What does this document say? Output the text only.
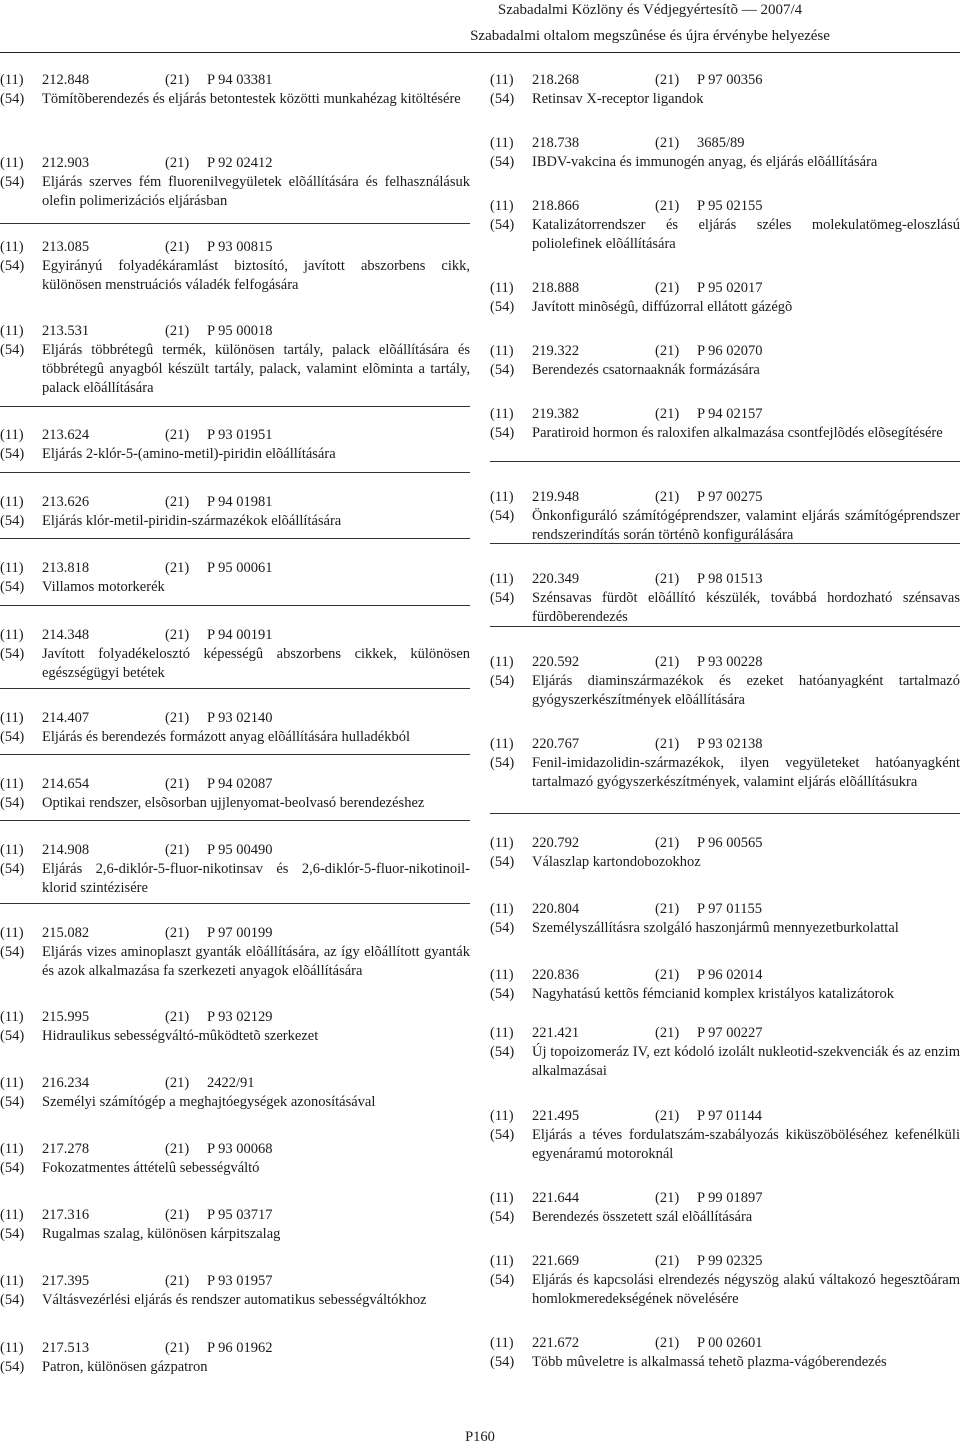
Szabadalmi Közlöny és Védjegyértesítõ — 2007/4
Szabadalmi oltalom megszûnése és újra érvénybe helyezése
(11)	212.848	(21)	P 94 03381
(54)	Tömítõberendezés és eljárás betontestek közötti munkahézag kitöltésére
(11)	212.903	(21)	P 92 02412
(54)	Eljárás szerves fém fluorenilvegyületek elõállítására és felhasználásuk olefin polimerizációs eljárásban
(11)	213.085	(21)	P 93 00815
(54)	Egyirányú folyadékáramlást biztosító, javított abszorbens cikk, különösen menstruációs váladék felfogására
(11)	213.531	(21)	P 95 00018
(54)	Eljárás többrétegû termék, különösen tartály, palack elõállítására és többrétegû anyagból készült tartály, palack, valamint elõminta a tartály, palack elõállítására
(11)	213.624	(21)	P 93 01951
(54)	Eljárás 2-klór-5-(amino-metil)-piridin elõállítására
(11)	213.626	(21)	P 94 01981
(54)	Eljárás klór-metil-piridin-származékok elõállítására
(11)	213.818	(21)	P 95 00061
(54)	Villamos motorkerék
(11)	214.348	(21)	P 94 00191
(54)	Javított folyadékelosztó képességû abszorbens cikkek, különösen egészségügyi betétek
(11)	214.407	(21)	P 93 02140
(54)	Eljárás és berendezés formázott anyag elõállítására hulladékból
(11)	214.654	(21)	P 94 02087
(54)	Optikai rendszer, elsõsorban ujjlenyomat-beolvasó berendezéshez
(11)	214.908	(21)	P 95 00490
(54)	Eljárás 2,6-diklór-5-fluor-nikotinsav és 2,6-diklór-5-fluor-nikotinoil-klorid szintézisére
(11)	215.082	(21)	P 97 00199
(54)	Eljárás vizes aminoplaszt gyanták elõállítására, az így elõállított gyanták és azok alkalmazása fa szerkezeti anyagok elõállítására
(11)	215.995	(21)	P 93 02129
(54)	Hidraulikus sebességváltó-mûködtetõ szerkezet
(11)	216.234	(21)	2422/91
(54)	Személyi számítógép a meghajtóegységek azonosításával
(11)	217.278	(21)	P 93 00068
(54)	Fokozatmentes áttételû sebességváltó
(11)	217.316	(21)	P 95 03717
(54)	Rugalmas szalag, különösen kárpitszalag
(11)	217.395	(21)	P 93 01957
(54)	Váltásvezérlési eljárás és rendszer automatikus sebességváltókhoz
(11)	217.513	(21)	P 96 01962
(54)	Patron, különösen gázpatron
(11)	218.268	(21)	P 97 00356
(54)	Retinsav X-receptor ligandok
(11)	218.738	(21)	3685/89
(54)	IBDV-vakcina és immunogén anyag, és eljárás elõállítására
(11)	218.866	(21)	P 95 02155
(54)	Katalizátorrendszer és eljárás széles molekulatömeg-eloszlású poliolefinek elõállítására
(11)	218.888	(21)	P 95 02017
(54)	Javított minõségû, diffúzorral ellátott gázégõ
(11)	219.322	(21)	P 96 02070
(54)	Berendezés csatornaaknák formázására
(11)	219.382	(21)	P 94 02157
(54)	Paratiroid hormon és raloxifen alkalmazása csontfejlõdés elõsegítésére
(11)	219.948	(21)	P 97 00275
(54)	Önkonfiguráló számítógéprendszer, valamint eljárás számítógéprendszer rendszerindítás során történõ konfigurálására
(11)	220.349	(21)	P 98 01513
(54)	Szénsavas fürdõt elõállító készülék, továbbá hordozható szénsavas fürdõberendezés
(11)	220.592	(21)	P 93 00228
(54)	Eljárás diaminszármazékok és ezeket hatóanyagként tartalmazó gyógyszerkészítmények elõállítására
(11)	220.767	(21)	P 93 02138
(54)	Fenil-imidazolidin-származékok, ilyen vegyületeket hatóanyagként tartalmazó gyógyszerkészítmények, valamint eljárás elõállításukra
(11)	220.792	(21)	P 96 00565
(54)	Válaszlap kartondobozokhoz
(11)	220.804	(21)	P 97 01155
(54)	Személyszállításra szolgáló haszonjármû mennyezetburkolattal
(11)	220.836	(21)	P 96 02014
(54)	Nagyhatású kettõs fémcianid komplex kristályos katalizátorok
(11)	221.421	(21)	P 97 00227
(54)	Új topoizomeráz IV, ezt kódoló izolált nukleotid-szekvenciák és az enzim alkalmazásai
(11)	221.495	(21)	P 97 01144
(54)	Eljárás a téves fordulatszám-szabályozás kiküszöböléséhez kefenélküli egyenáramú motoroknál
(11)	221.644	(21)	P 99 01897
(54)	Berendezés összetett szál elõállítására
(11)	221.669	(21)	P 99 02325
(54)	Eljárás és kapcsolási elrendezés négyszög alakú váltakozó hegesztõáram homlokmeredekségének növelésére
(11)	221.672	(21)	P 00 02601
(54)	Több mûveletre is alkalmassá tehetõ plazma-vágóberendezés
P160
